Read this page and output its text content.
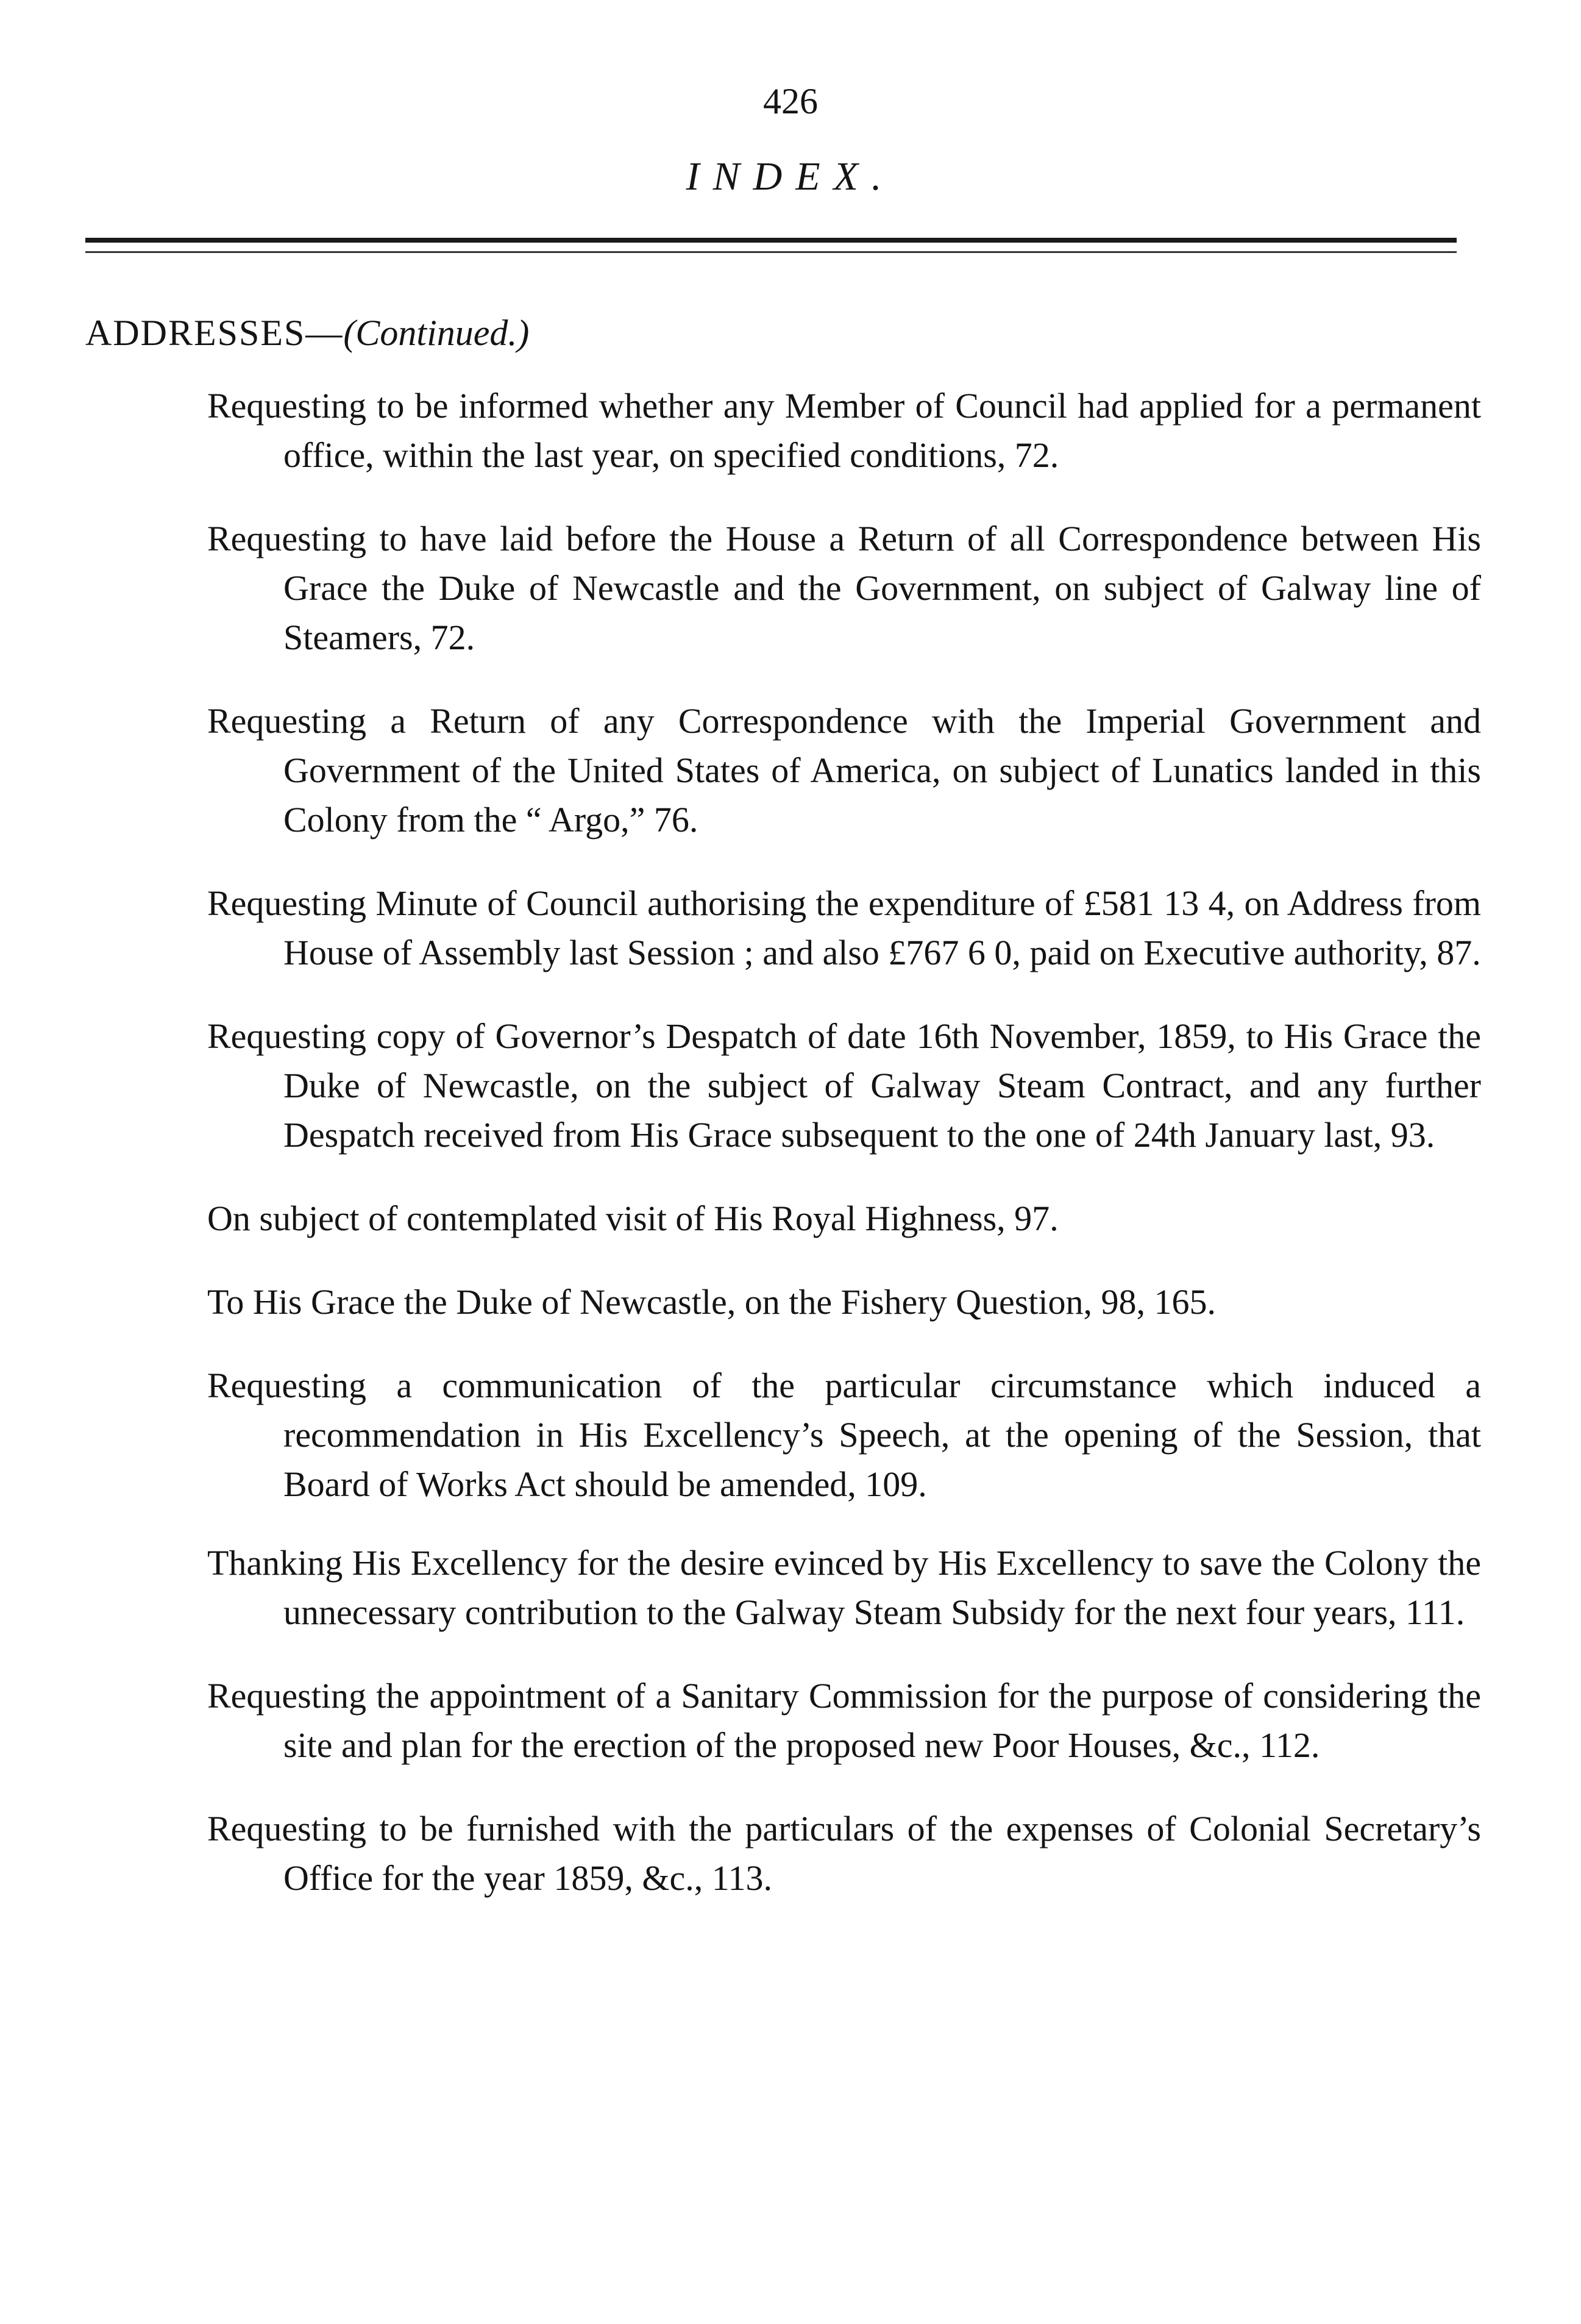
426
INDEX.
ADDRESSES—(Continued.)

Requesting to be informed whether any Member of Council had applied for a permanent office, within the last year, on specified conditions, 72.

Requesting to have laid before the House a Return of all Correspondence between His Grace the Duke of Newcastle and the Government, on subject of Galway line of Steamers, 72.

Requesting a Return of any Correspondence with the Imperial Government and Government of the United States of America, on subject of Lunatics landed in this Colony from the “ Argo,” 76.

Requesting Minute of Council authorising the expenditure of £581 13 4, on Address from House of Assembly last Session ; and also £767 6 0, paid on Executive authority, 87.

Requesting copy of Governor’s Despatch of date 16th November, 1859, to His Grace the Duke of Newcastle, on the subject of Galway Steam Contract, and any further Despatch received from His Grace subsequent to the one of 24th January last, 93.

On subject of contemplated visit of His Royal Highness, 97.

To His Grace the Duke of Newcastle, on the Fishery Question, 98, 165.

Requesting a communication of the particular circumstance which induced a recommendation in His Excellency’s Speech, at the opening of the Session, that Board of Works Act should be amended, 109.

Thanking His Excellency for the desire evinced by His Excellency to save the Colony the unnecessary contribution to the Galway Steam Subsidy for the next four years, 111.

Requesting the appointment of a Sanitary Commission for the purpose of considering the site and plan for the erection of the proposed new Poor Houses, &c., 112.

Requesting to be furnished with the particulars of the expenses of Colonial Secretary’s Office for the year 1859, &c., 113.
